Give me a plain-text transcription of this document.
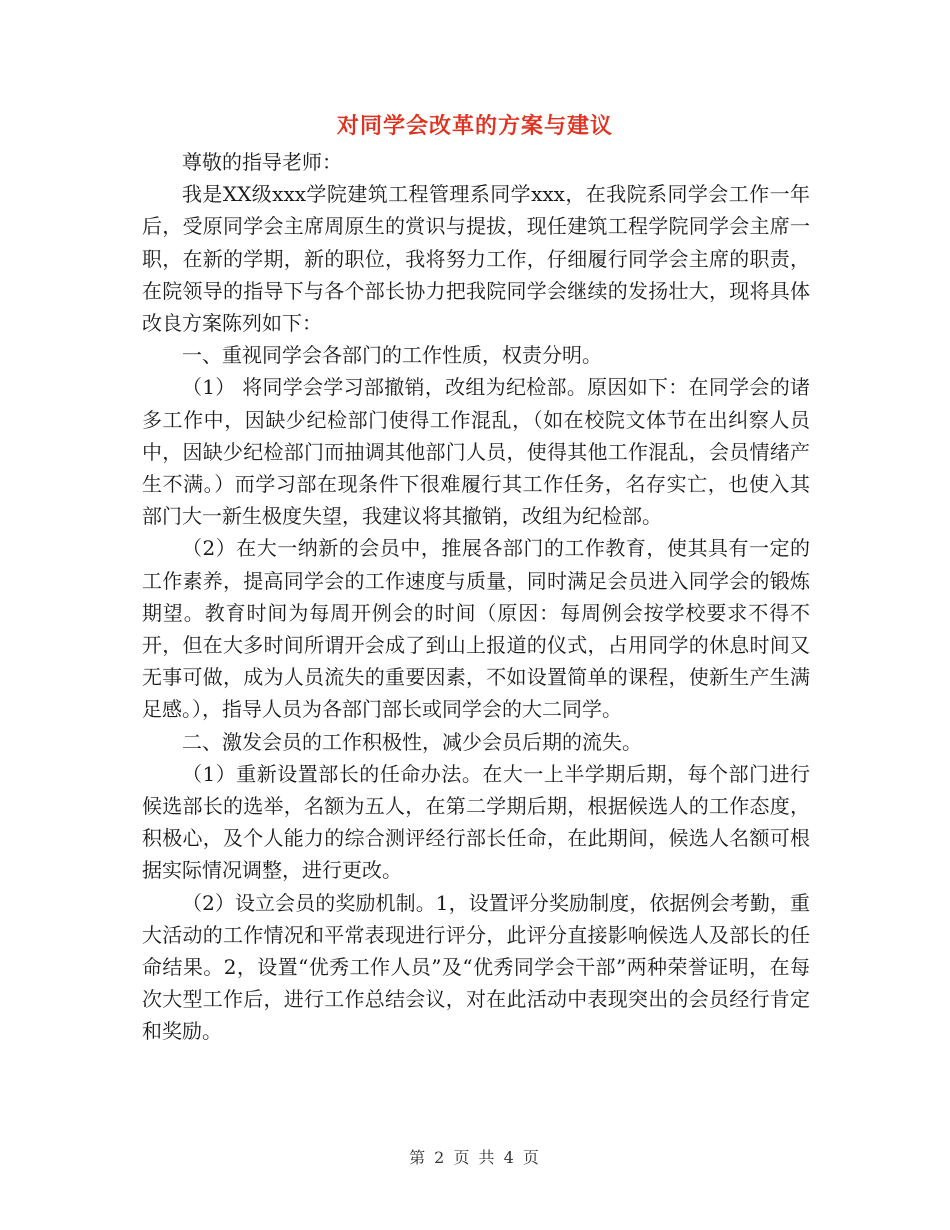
对同学会改革的方案与建议

尊敬的指导老师：

我是XX级xxx学院建筑工程管理系同学xxx，在我院系同学会工作一年后，受原同学会主席周原生的赏识与提拔，现任建筑工程学院同学会主席一职，在新的学期，新的职位，我将努力工作，仔细履行同学会主席的职责，在院领导的指导下与各个部长协力把我院同学会继续的发扬壮大，现将具体改良方案陈列如下：

一、重视同学会各部门的工作性质，权责分明。

（1） 将同学会学习部撤销，改组为纪检部。原因如下：在同学会的诸多工作中，因缺少纪检部门使得工作混乱，（如在校院文体节在出纠察人员中，因缺少纪检部门而抽调其他部门人员，使得其他工作混乱，会员情绪产生不满。）而学习部在现条件下很难履行其工作任务，名存实亡，也使入其部门大一新生极度失望，我建议将其撤销，改组为纪检部。

（2）在大一纳新的会员中，推展各部门的工作教育，使其具有一定的工作素养，提高同学会的工作速度与质量，同时满足会员进入同学会的锻炼期望。教育时间为每周开例会的时间（原因：每周例会按学校要求不得不开，但在大多时间所谓开会成了到山上报道的仪式，占用同学的休息时间又无事可做，成为人员流失的重要因素，不如设置简单的课程，使新生产生满足感。），指导人员为各部门部长或同学会的大二同学。

二、激发会员的工作积极性，减少会员后期的流失。

（1）重新设置部长的任命办法。在大一上半学期后期，每个部门进行候选部长的选举，名额为五人，在第二学期后期，根据候选人的工作态度，积极心，及个人能力的综合测评经行部长任命，在此期间，候选人名额可根据实际情况调整，进行更改。

（2）设立会员的奖励机制。1，设置评分奖励制度，依据例会考勤，重大活动的工作情况和平常表现进行评分，此评分直接影响候选人及部长的任命结果。2，设置“优秀工作人员”及“优秀同学会干部”两种荣誉证明，在每次大型工作后，进行工作总结会议，对在此活动中表现突出的会员经行肯定和奖励。

第 2 页 共 4 页
